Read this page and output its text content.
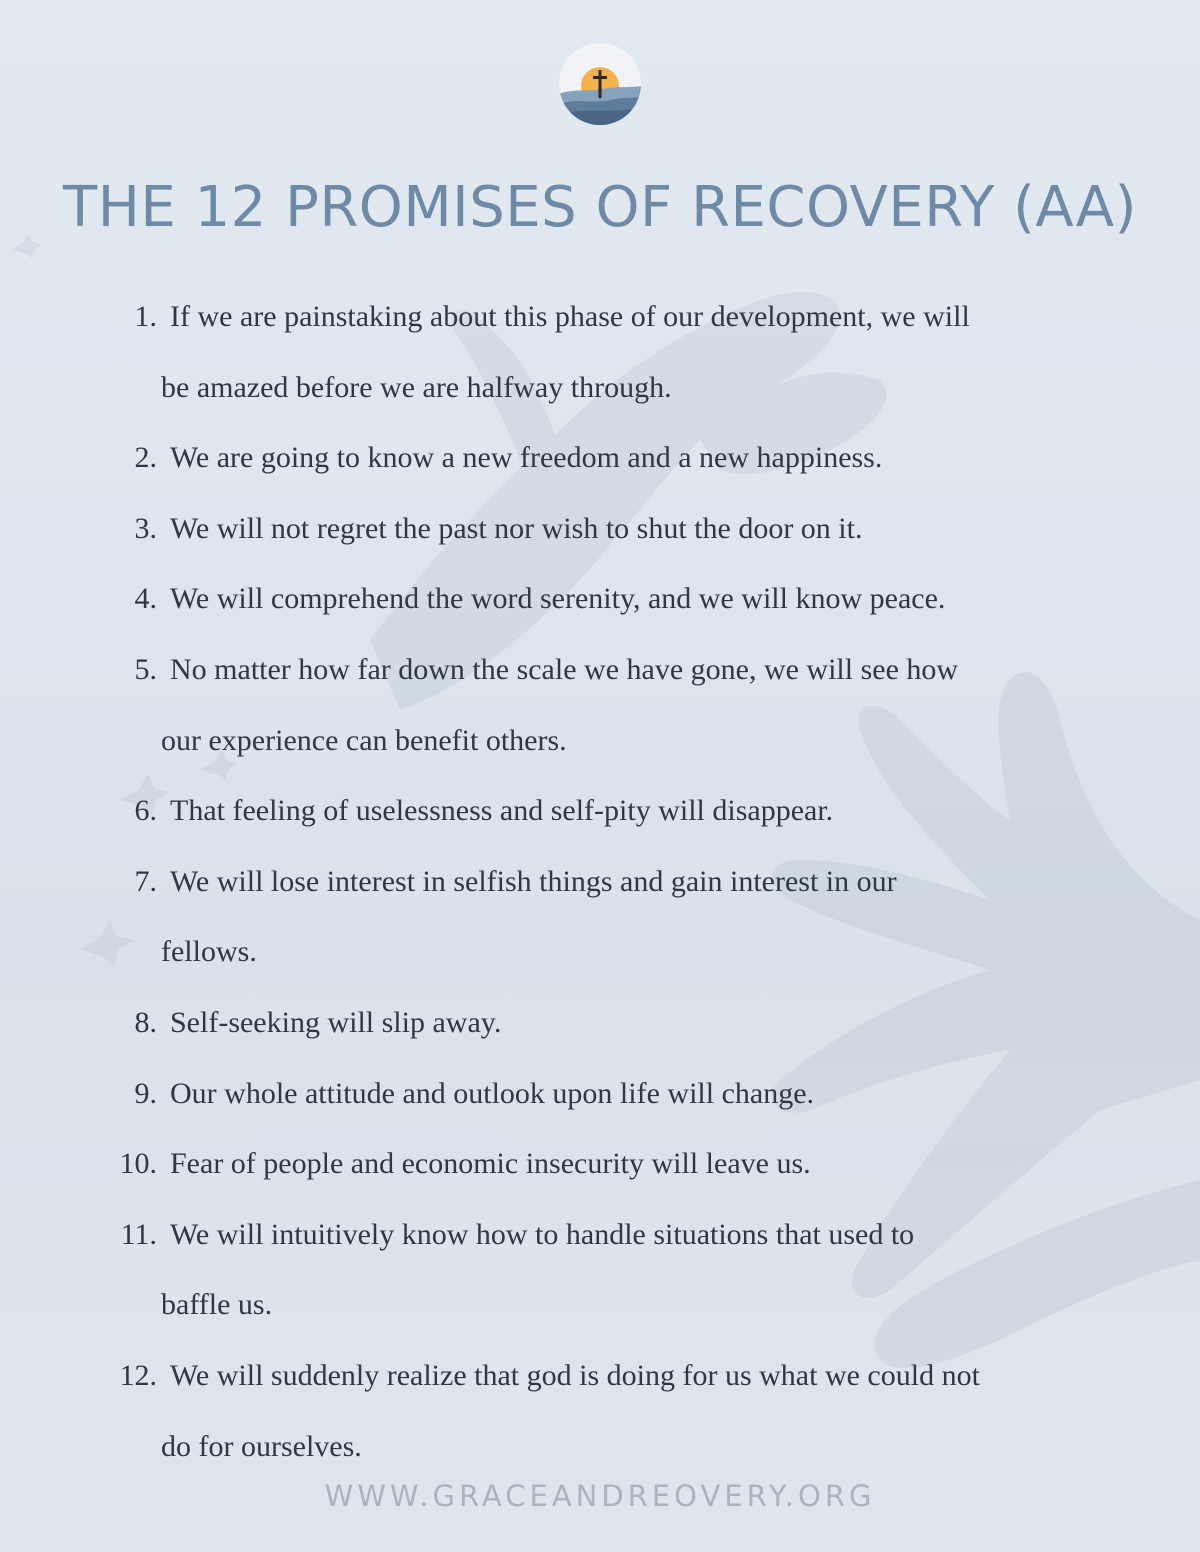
THE 12 PROMISES OF RECOVERY (AA)
1. If we are painstaking about this phase of our development, we will
be amazed before we are halfway through.
2. We are going to know a new freedom and a new happiness.
3. We will not regret the past nor wish to shut the door on it.
4. We will comprehend the word serenity, and we will know peace.
5. No matter how far down the scale we have gone, we will see how
our experience can benefit others.
6. That feeling of uselessness and self-pity will disappear.
7. We will lose interest in selfish things and gain interest in our
fellows.
8. Self-seeking will slip away.
9. Our whole attitude and outlook upon life will change.
10. Fear of people and economic insecurity will leave us.
11. We will intuitively know how to handle situations that used to
baffle us.
12. We will suddenly realize that god is doing for us what we could not
do for ourselves.
WWW.GRACEANDREOVERY.ORG
